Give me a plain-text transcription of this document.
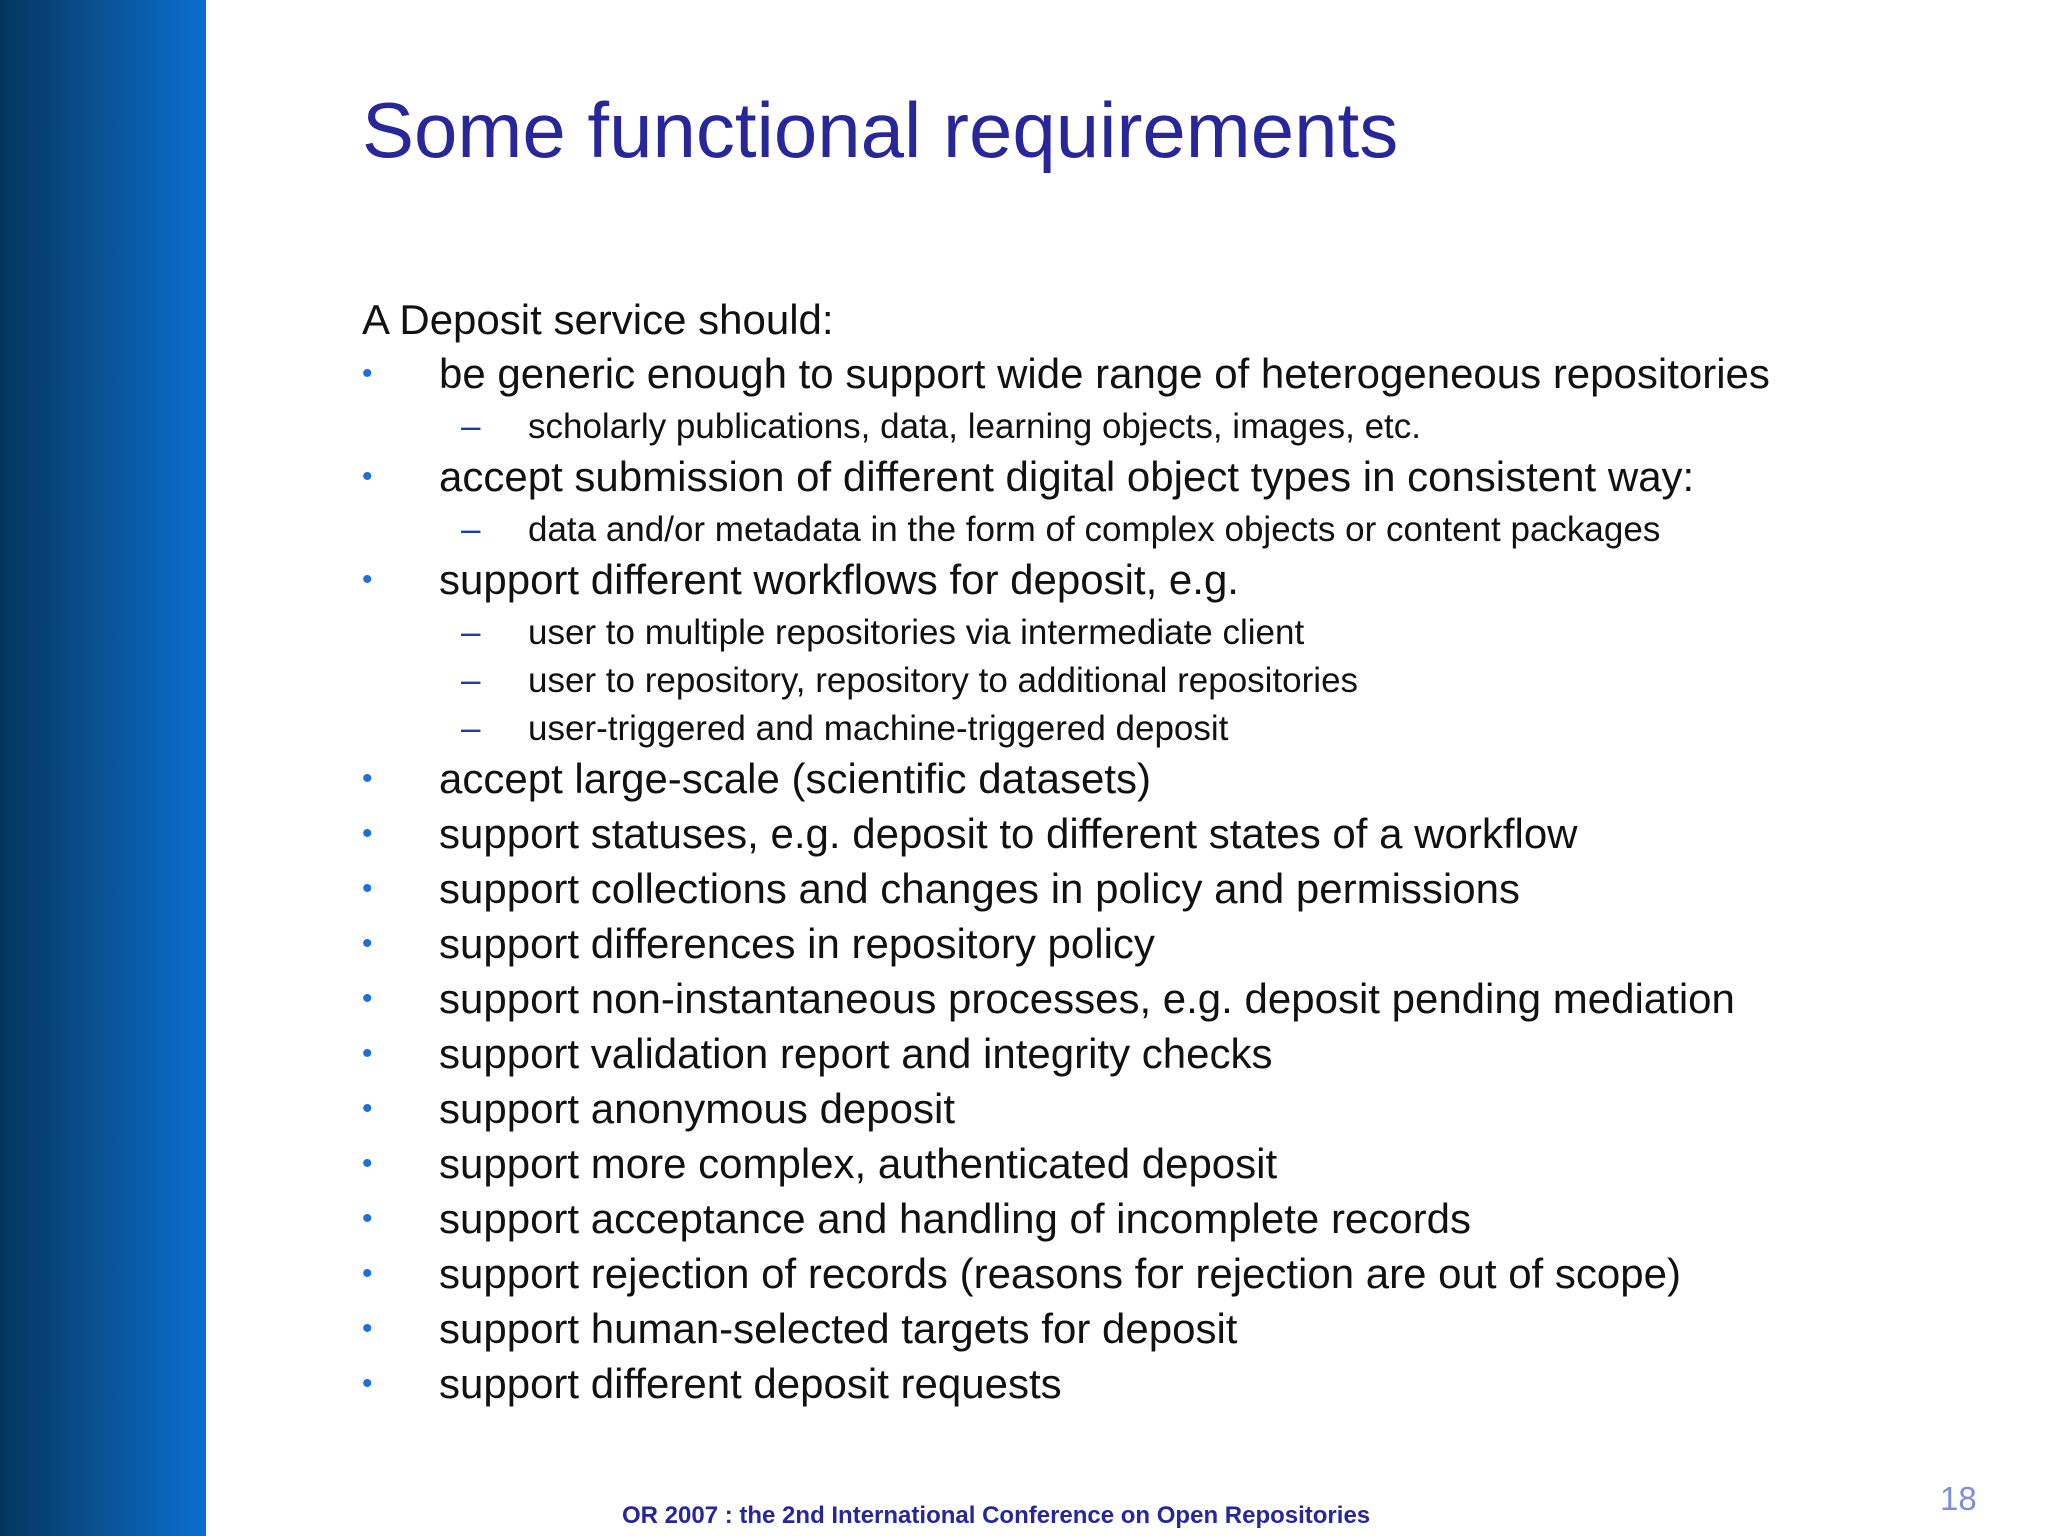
Some functional requirements
A Deposit service should:
• be generic enough to support wide range of heterogeneous repositories
– scholarly publications, data, learning objects, images, etc.
• accept submission of different digital object types in consistent way:
– data and/or metadata in the form of complex objects or content packages
• support different workflows for deposit, e.g.
– user to multiple repositories via intermediate client
– user to repository, repository to additional repositories
– user-triggered and machine-triggered deposit
• accept large-scale (scientific datasets)
• support statuses, e.g. deposit to different states of a workflow
• support collections and changes in policy and permissions
• support differences in repository policy
• support non-instantaneous processes, e.g. deposit pending mediation
• support validation report and integrity checks
• support anonymous deposit
• support more complex, authenticated deposit
• support acceptance and handling of incomplete records
• support rejection of records (reasons for rejection are out of scope)
• support human-selected targets for deposit
• support different deposit requests
OR 2007 : the 2nd International Conference on Open Repositories	18
